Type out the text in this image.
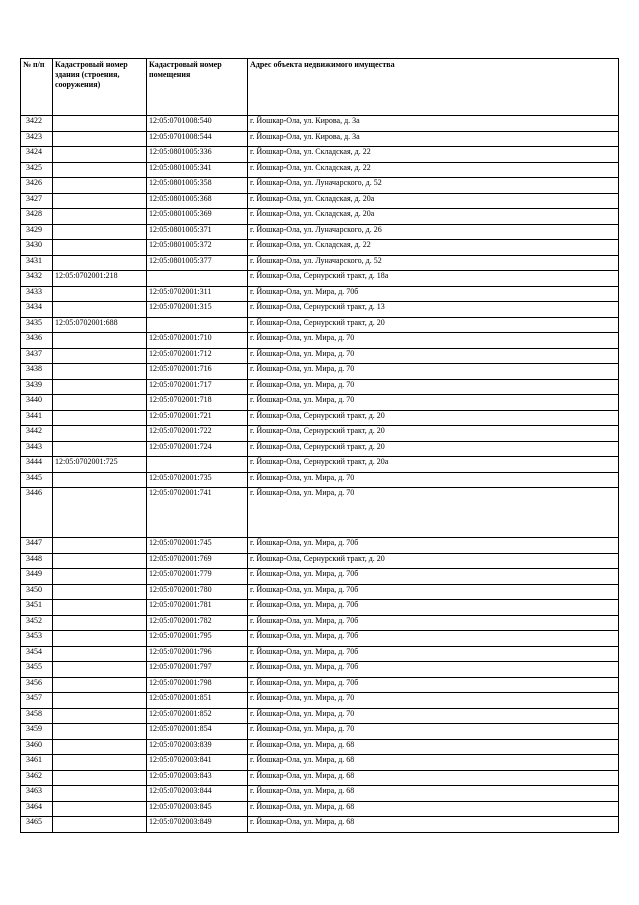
№ п/п	Кадастровый номер здания (строения, сооружения)	Кадастровый номер помещения	Адрес объекта недвижимого имущества
3422		12:05:0701008:540	г. Йошкар-Ола, ул. Кирова, д. 3а
3423		12:05:0701008:544	г. Йошкар-Ола, ул. Кирова, д. 3а
3424		12:05:0801005:336	г. Йошкар-Ола, ул. Складская, д. 22
3425		12:05:0801005:341	г. Йошкар-Ола, ул. Складская, д. 22
3426		12:05:0801005:358	г. Йошкар-Ола, ул. Луначарского, д. 52
3427		12:05:0801005:368	г. Йошкар-Ола, ул. Складская, д. 20а
3428		12:05:0801005:369	г. Йошкар-Ола, ул. Складская, д. 20а
3429		12:05:0801005:371	г. Йошкар-Ола, ул. Луначарского, д. 26
3430		12:05:0801005:372	г. Йошкар-Ола, ул. Складская, д. 22
3431		12:05:0801005:377	г. Йошкар-Ола, ул. Луначарского, д. 52
3432	12:05:0702001:218		г. Йошкар-Ола, Сернурский тракт, д. 18а
3433		12:05:0702001:311	г. Йошкар-Ола, ул. Мира, д. 70б
3434		12:05:0702001:315	г. Йошкар-Ола, Сернурский тракт, д. 13
3435	12:05:0702001:688		г. Йошкар-Ола, Сернурский тракт, д. 20
3436		12:05:0702001:710	г. Йошкар-Ола, ул. Мира, д. 70
3437		12:05:0702001:712	г. Йошкар-Ола, ул. Мира, д. 70
3438		12:05:0702001:716	г. Йошкар-Ола, ул. Мира, д. 70
3439		12:05:0702001:717	г. Йошкар-Ола, ул. Мира, д. 70
3440		12:05:0702001:718	г. Йошкар-Ола, ул. Мира, д. 70
3441		12:05:0702001:721	г. Йошкар-Ола, Сернурский тракт, д. 20
3442		12:05:0702001:722	г. Йошкар-Ола, Сернурский тракт, д. 20
3443		12:05:0702001:724	г. Йошкар-Ола, Сернурский тракт, д. 20
3444	12:05:0702001:725		г. Йошкар-Ола, Сернурский тракт, д. 20а
3445		12:05:0702001:735	г. Йошкар-Ола, ул. Мира, д. 70
3446		12:05:0702001:741	г. Йошкар-Ола, ул. Мира, д. 70
3447		12:05:0702001:745	г. Йошкар-Ола, ул. Мира, д. 70б
3448		12:05:0702001:769	г. Йошкар-Ола, Сернурский тракт, д. 20
3449		12:05:0702001:779	г. Йошкар-Ола, ул. Мира, д. 70б
3450		12:05:0702001:780	г. Йошкар-Ола, ул. Мира, д. 70б
3451		12:05:0702001:781	г. Йошкар-Ола, ул. Мира, д. 70б
3452		12:05:0702001:782	г. Йошкар-Ола, ул. Мира, д. 70б
3453		12:05:0702001:795	г. Йошкар-Ола, ул. Мира, д. 70б
3454		12:05:0702001:796	г. Йошкар-Ола, ул. Мира, д. 70б
3455		12:05:0702001:797	г. Йошкар-Ола, ул. Мира, д. 70б
3456		12:05:0702001:798	г. Йошкар-Ола, ул. Мира, д. 70б
3457		12:05:0702001:851	г. Йошкар-Ола, ул. Мира, д. 70
3458		12:05:0702001:852	г. Йошкар-Ола, ул. Мира, д. 70
3459		12:05:0702001:854	г. Йошкар-Ола, ул. Мира, д. 70
3460		12:05:0702003:839	г. Йошкар-Ола, ул. Мира, д. 68
3461		12:05:0702003:841	г. Йошкар-Ола, ул. Мира, д. 68
3462		12:05:0702003:843	г. Йошкар-Ола, ул. Мира, д. 68
3463		12:05:0702003:844	г. Йошкар-Ола, ул. Мира, д. 68
3464		12:05:0702003:845	г. Йошкар-Ола, ул. Мира, д. 68
3465		12:05:0702003:849	г. Йошкар-Ола, ул. Мира, д. 68
